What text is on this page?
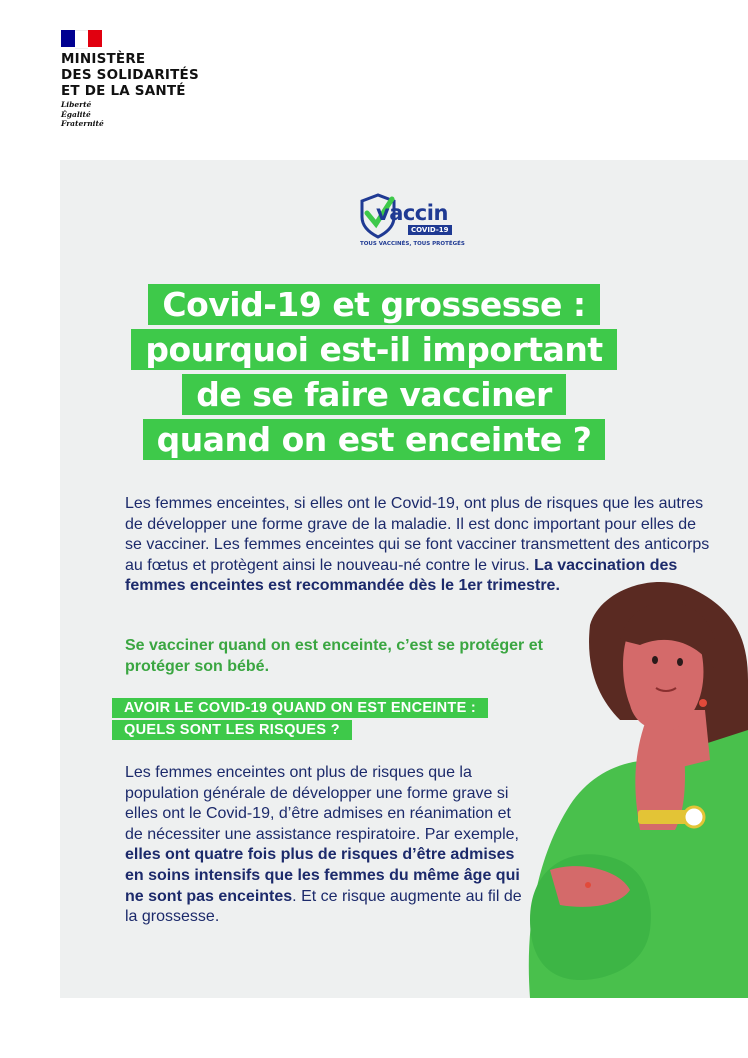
MINISTÈRE
DES SOLIDARITÉS
ET DE LA SANTÉ
Liberté
Égalité
Fraternité
vaccin
COVID-19
TOUS VACCINÉS, TOUS PROTÉGÉS
Covid-19 et grossesse :
pourquoi est-il important
de se faire vacciner
quand on est enceinte ?
Les femmes enceintes, si elles ont le Covid-19, ont plus de risques que les autres de développer une forme grave de la maladie. Il est donc important pour elles de se vacciner. Les femmes enceintes qui se font vacciner transmettent des anticorps au fœtus et protègent ainsi le nouveau-né contre le virus. La vaccination des femmes enceintes est recommandée dès le 1er trimestre.
Se vacciner quand on est enceinte, c’est se protéger et protéger son bébé.
AVOIR LE COVID-19 QUAND ON EST ENCEINTE :
QUELS SONT LES RISQUES ?
Les femmes enceintes ont plus de risques que la population générale de développer une forme grave si elles ont le Covid-19, d’être admises en réanimation et de nécessiter une assistance respiratoire. Par exemple, elles ont quatre fois plus de risques d’être admises en soins intensifs que les femmes du même âge qui ne sont pas enceintes. Et ce risque augmente au fil de la grossesse.
